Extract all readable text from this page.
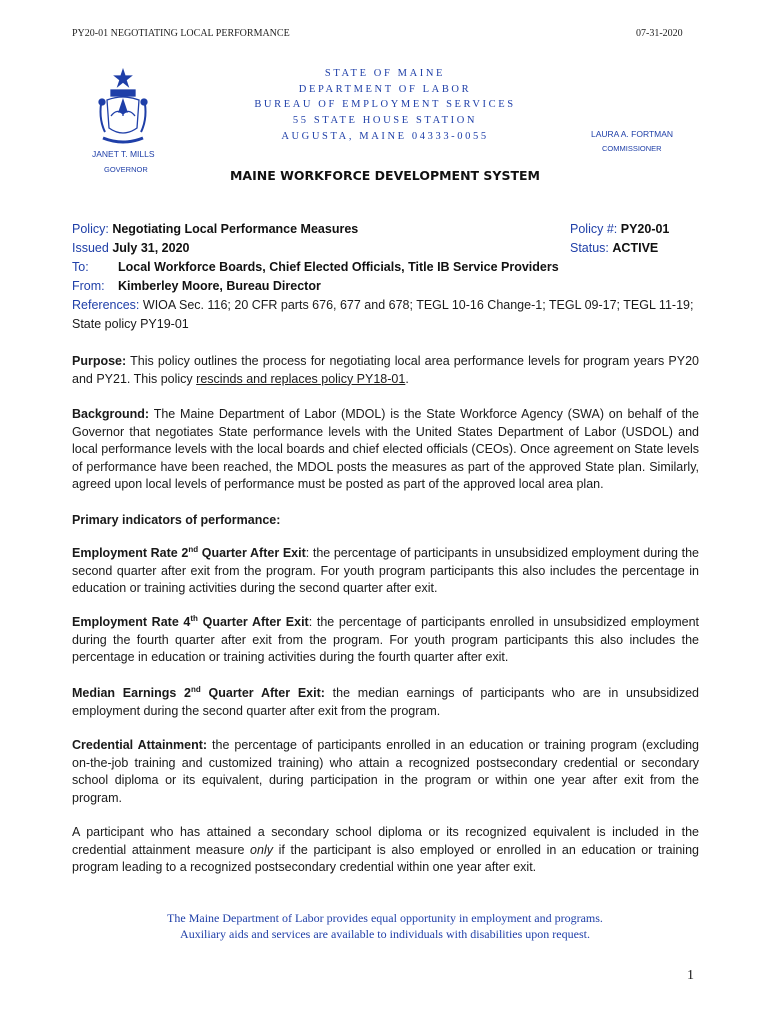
PY20-01 NEGOTIATING LOCAL PERFORMANCE	07-31-2020
STATE OF MAINE
DEPARTMENT OF LABOR
BUREAU OF EMPLOYMENT SERVICES
55 STATE HOUSE STATION
AUGUSTA, MAINE 04333-0055
JANET T. MILLS
GOVERNOR
LAURA A. FORTMAN
COMMISSIONER
MAINE WORKFORCE DEVELOPMENT SYSTEM
Policy: Negotiating Local Performance Measures	Policy #: PY20-01
Issued July 31, 2020	Status: ACTIVE
To: Local Workforce Boards, Chief Elected Officials, Title IB Service Providers
From: Kimberley Moore, Bureau Director
References: WIOA Sec. 116; 20 CFR parts 676, 677 and 678; TEGL 10-16 Change-1; TEGL 09-17; TEGL 11-19;
State policy PY19-01
Purpose: This policy outlines the process for negotiating local area performance levels for program years PY20 and PY21. This policy rescinds and replaces policy PY18-01.
Background: The Maine Department of Labor (MDOL) is the State Workforce Agency (SWA) on behalf of the Governor that negotiates State performance levels with the United States Department of Labor (USDOL) and local performance levels with the local boards and chief elected officials (CEOs). Once agreement on State levels of performance have been reached, the MDOL posts the measures as part of the approved State plan. Similarly, agreed upon local levels of performance must be posted as part of the approved local area plan.
Primary indicators of performance:
Employment Rate 2nd Quarter After Exit: the percentage of participants in unsubsidized employment during the second quarter after exit from the program. For youth program participants this also includes the percentage in education or training activities during the second quarter after exit.
Employment Rate 4th Quarter After Exit: the percentage of participants enrolled in unsubsidized employment during the fourth quarter after exit from the program. For youth program participants this also includes the percentage in education or training activities during the fourth quarter after exit.
Median Earnings 2nd Quarter After Exit: the median earnings of participants who are in unsubsidized employment during the second quarter after exit from the program.
Credential Attainment: the percentage of participants enrolled in an education or training program (excluding on-the-job training and customized training) who attain a recognized postsecondary credential or secondary school diploma or its equivalent, during participation in the program or within one year after exit from the program.
A participant who has attained a secondary school diploma or its recognized equivalent is included in the credential attainment measure only if the participant is also employed or enrolled in an education or training program leading to a recognized postsecondary credential within one year after exit.
The Maine Department of Labor provides equal opportunity in employment and programs.
Auxiliary aids and services are available to individuals with disabilities upon request.
1
